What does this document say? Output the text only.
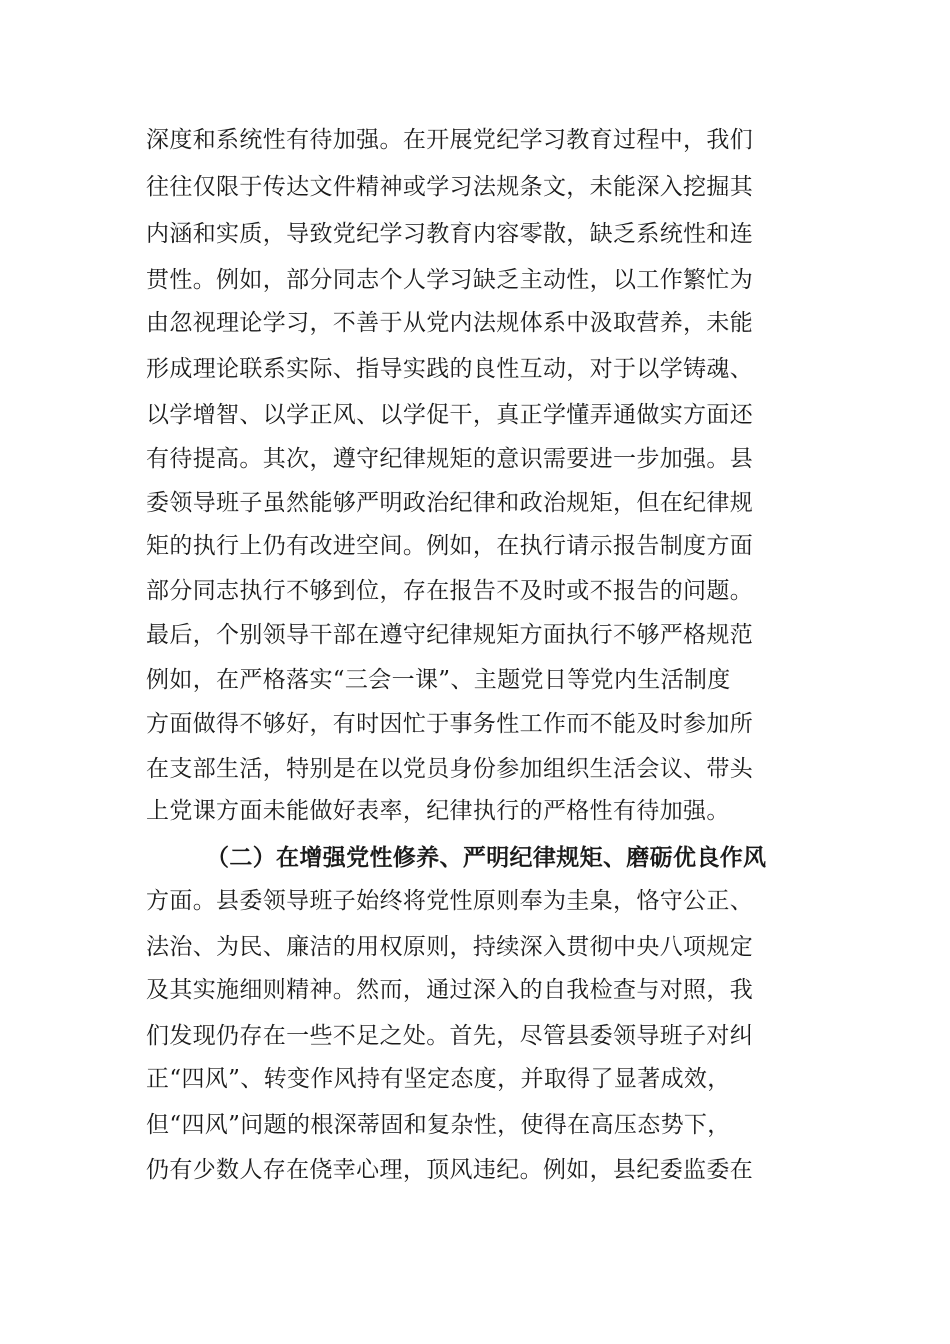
深度和系统性有待加强。在开展党纪学习教育过程中，我们
往往仅限于传达文件精神或学习法规条文，未能深入挖掘其
内涵和实质，导致党纪学习教育内容零散，缺乏系统性和连
贯性。例如，部分同志个人学习缺乏主动性，以工作繁忙为
由忽视理论学习，不善于从党内法规体系中汲取营养，未能
形成理论联系实际、指导实践的良性互动，对于以学铸魂、
以学增智、以学正风、以学促干，真正学懂弄通做实方面还
有待提高。其次，遵守纪律规矩的意识需要进一步加强。县
委领导班子虽然能够严明政治纪律和政治规矩，但在纪律规
矩的执行上仍有改进空间。例如，在执行请示报告制度方面
部分同志执行不够到位，存在报告不及时或不报告的问题。
最后，个别领导干部在遵守纪律规矩方面执行不够严格规范
例如，在严格落实“三会一课”、主题党日等党内生活制度
方面做得不够好，有时因忙于事务性工作而不能及时参加所
在支部生活，特别是在以党员身份参加组织生活会议、带头
上党课方面未能做好表率，纪律执行的严格性有待加强。
（二）在增强党性修养、严明纪律规矩、磨砺优良作风
方面。县委领导班子始终将党性原则奉为圭臬，恪守公正、
法治、为民、廉洁的用权原则，持续深入贯彻中央八项规定
及其实施细则精神。然而，通过深入的自我检查与对照，我
们发现仍存在一些不足之处。首先，尽管县委领导班子对纠
正“四风”、转变作风持有坚定态度，并取得了显著成效，
但“四风”问题的根深蒂固和复杂性，使得在高压态势下，
仍有少数人存在侥幸心理，顶风违纪。例如，县纪委监委在
